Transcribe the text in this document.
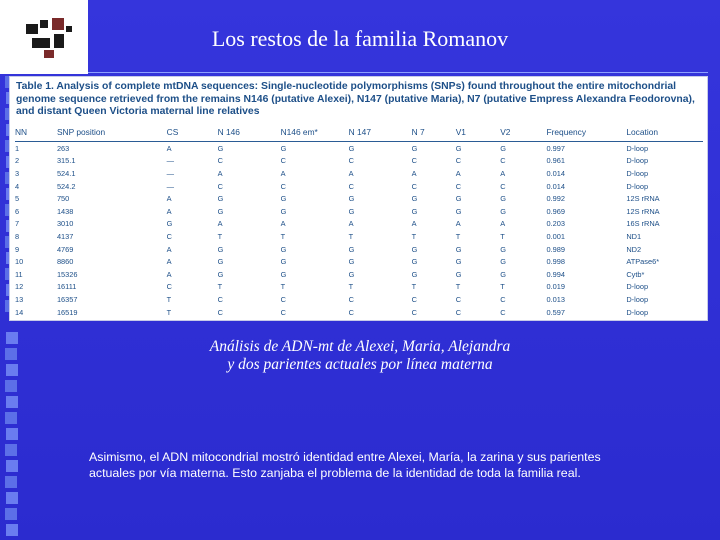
Los restos de la familia Romanov
Table 1. Analysis of complete mtDNA sequences: Single-nucleotide polymorphisms (SNPs) found throughout the entire mitochondrial genome sequence retrieved from the remains N146 (putative Alexei), N147 (putative Maria), N7 (putative Empress Alexandra Feodorovna), and distant Queen Victoria maternal line relatives
NN	SNP position	CS	N 146	N146 em*	N 147	N 7	V1	V2	Frequency	Location
1	263	A	G	G	G	G	G	G	0.997	D-loop
2	315.1	—	C	C	C	C	C	C	0.961	D-loop
3	524.1	—	A	A	A	A	A	A	0.014	D-loop
4	524.2	—	C	C	C	C	C	C	0.014	D-loop
5	750	A	G	G	G	G	G	G	0.992	12S rRNA
6	1438	A	G	G	G	G	G	G	0.969	12S rRNA
7	3010	G	A	A	A	A	A	A	0.203	16S rRNA
8	4137	C	T	T	T	T	T	T	0.001	ND1
9	4769	A	G	G	G	G	G	G	0.989	ND2
10	8860	A	G	G	G	G	G	G	0.998	ATPase6*
11	15326	A	G	G	G	G	G	G	0.994	Cytb*
12	16111	C	T	T	T	T	T	T	0.019	D-loop
13	16357	T	C	C	C	C	C	C	0.013	D-loop
14	16519	T	C	C	C	C	C	C	0.597	D-loop
Análisis de ADN-mt de Alexei, Maria, Alejandra
y dos parientes actuales por línea materna
Asimismo, el ADN mitocondrial mostró identidad entre Alexei, María, la zarina y sus parientes actuales por vía materna. Esto zanjaba el problema de la identidad de toda la familia real.
